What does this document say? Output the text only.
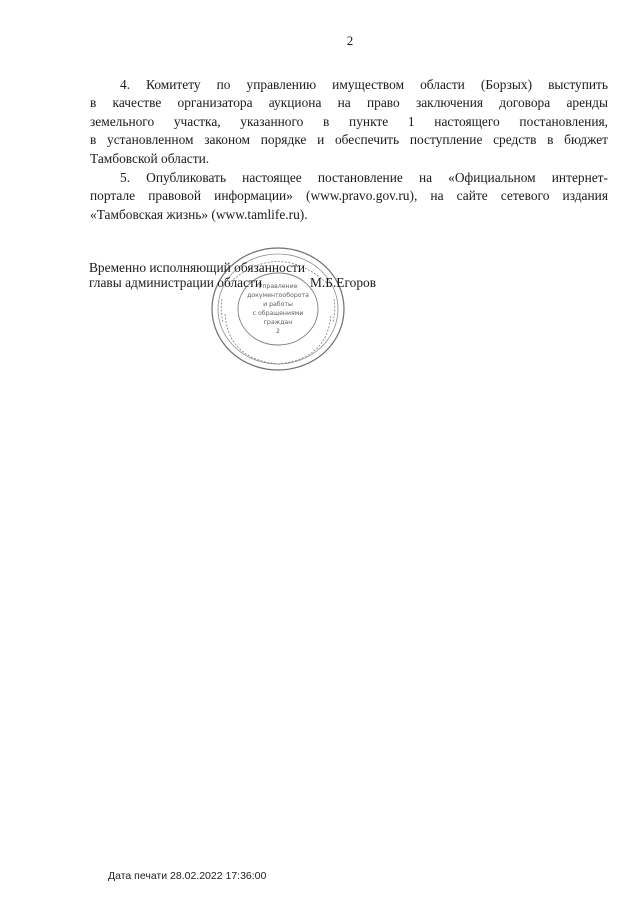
2
4. Комитету по управлению имуществом области (Борзых) выступить
в качестве организатора аукциона на право заключения договора аренды
земельного участка, указанного в пункте 1 настоящего постановления,
в установленном законом порядке и обеспечить поступление средств в бюджет
Тамбовской области.
5. Опубликовать настоящее постановление на «Официальном интернет-
портале правовой информации» (www.pravo.gov.ru), на сайте сетевого издания
«Тамбовская жизнь» (www.tamlife.ru).
Управление
документооборота
и работы
с обращениями
граждан
2
Временно исполняющий обязанности
главы администрации области	М.Б.Егоров
Дата печати 28.02.2022 17:36:00
